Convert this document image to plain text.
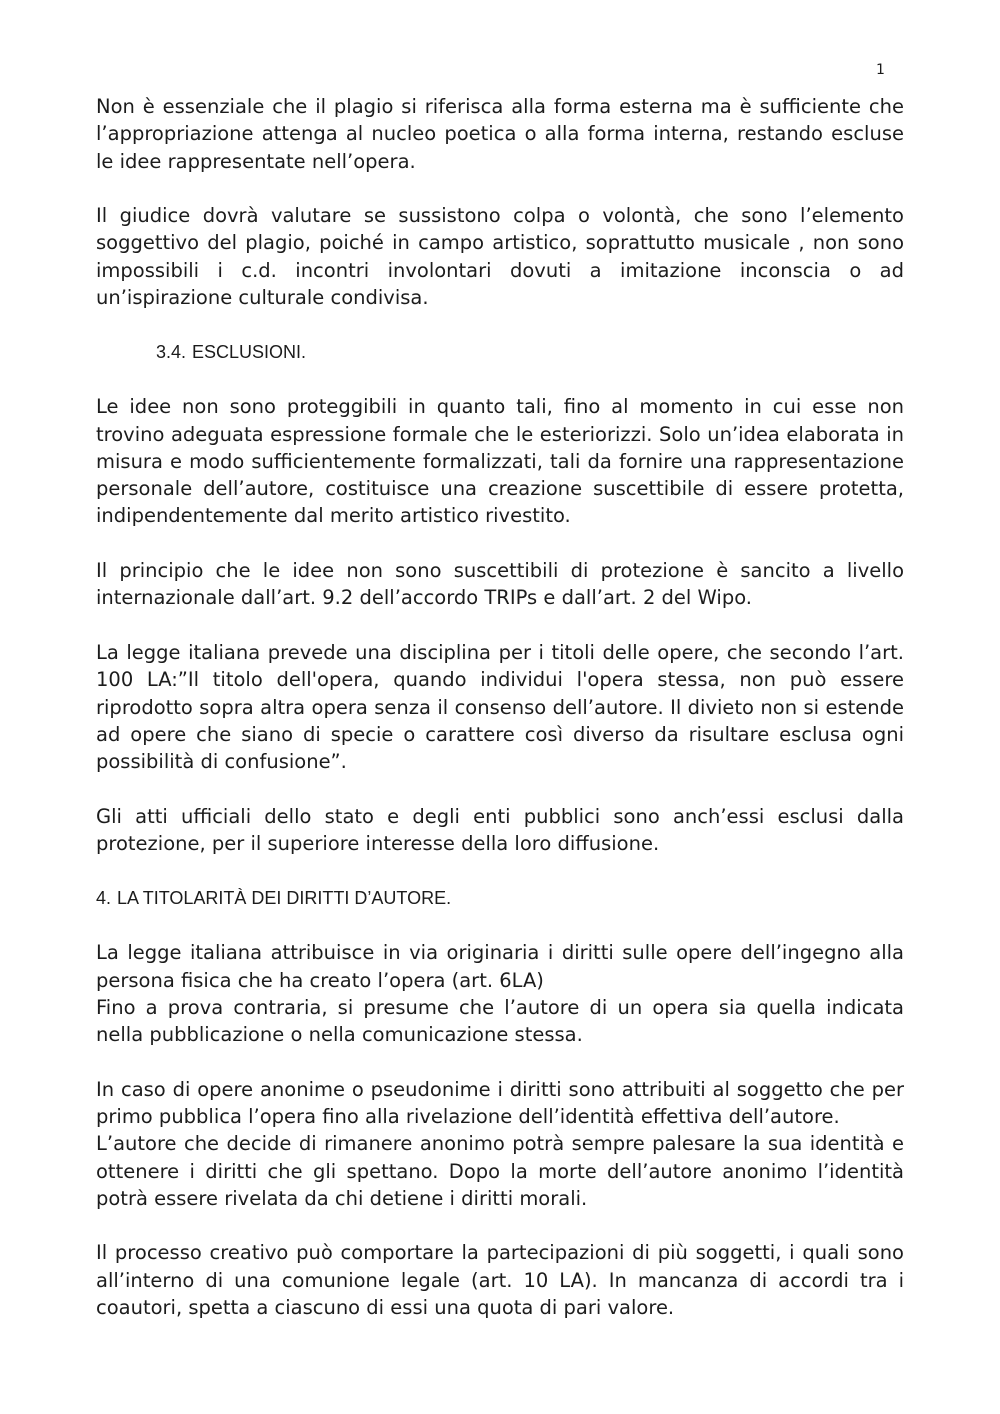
1

Non è essenziale che il plagio si riferisca alla forma esterna ma è sufficiente che l’appropriazione attenga al nucleo poetica o alla forma interna, restando escluse le idee rappresentate nell’opera.

Il giudice dovrà valutare se sussistono colpa o volontà, che sono l’elemento soggettivo del plagio, poiché in campo artistico, soprattutto musicale , non sono impossibili i c.d. incontri involontari dovuti a imitazione inconscia o ad un’ispirazione culturale condivisa.

3.4. ESCLUSIONI.

Le idee non sono proteggibili in quanto tali, fino al momento in cui esse non trovino adeguata espressione formale che le esteriorizzi. Solo un’idea elaborata in misura e modo sufficientemente formalizzati, tali da fornire una rappresentazione personale dell’autore, costituisce una creazione suscettibile di essere protetta, indipendentemente dal merito artistico rivestito.

Il principio che le idee non sono suscettibili di protezione è sancito a livello internazionale dall’art. 9.2 dell’accordo TRIPs e dall’art. 2 del Wipo.

La legge italiana prevede una disciplina per i titoli delle opere, che secondo l’art. 100 LA:”Il titolo dell'opera, quando individui l'opera stessa, non può essere riprodotto sopra altra opera senza il consenso dell’autore. Il divieto non si estende ad opere che siano di specie o carattere così diverso da risultare esclusa ogni possibilità di confusione”.

Gli atti ufficiali dello stato e degli enti pubblici sono anch’essi esclusi dalla protezione, per il superiore interesse della loro diffusione.

4. LA TITOLARITÀ DEI DIRITTI D’AUTORE.

La legge italiana attribuisce in via originaria i diritti sulle opere dell’ingegno alla persona fisica che ha creato l’opera (art. 6LA)

Fino a prova contraria, si presume che l’autore di un opera sia quella indicata nella pubblicazione o nella comunicazione stessa.

In caso di opere anonime o pseudonime i diritti sono attribuiti al soggetto che per primo pubblica l’opera fino alla rivelazione dell’identità effettiva dell’autore.

L’autore che decide di rimanere anonimo potrà sempre palesare la sua identità e ottenere i diritti che gli spettano. Dopo la morte dell’autore anonimo l’identità potrà essere rivelata da chi detiene i diritti morali.

Il processo creativo può comportare la partecipazioni di più soggetti, i quali sono all’interno di una comunione legale (art. 10 LA). In mancanza di accordi tra i coautori, spetta a ciascuno di essi una quota di pari valore.
